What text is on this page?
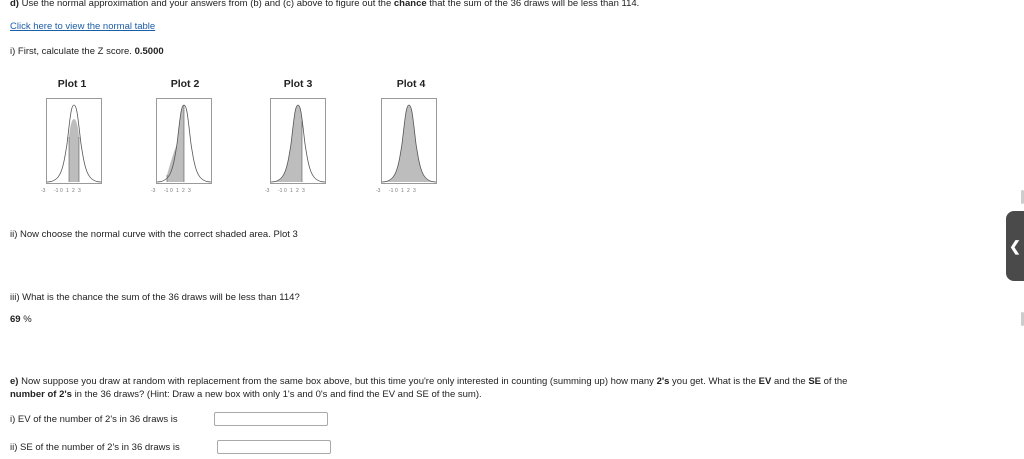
d) Use the normal approximation and your answers from (b) and (c) above to figure out the chance that the sum of the 36 draws will be less than 114.
Click here to view the normal table
i) First, calculate the Z score. 0.5000
Plot 1	Plot 2	Plot 3	Plot 4
-3 -1 0 1 2 3	-3 -1 0 1 2 3	-3 -1 0 1 2 3	-3 -1 0 1 2 3
ii) Now choose the normal curve with the correct shaded area. Plot 3
iii) What is the chance the sum of the 36 draws will be less than 114?
69 %
e) Now suppose you draw at random with replacement from the same box above, but this time you're only interested in counting (summing up) how many 2's you get. What is the EV and the SE of the
number of 2's in the 36 draws? (Hint: Draw a new box with only 1's and 0's and find the EV and SE of the sum).
i) EV of the number of 2's in 36 draws is
ii) SE of the number of 2's in 36 draws is
❮
